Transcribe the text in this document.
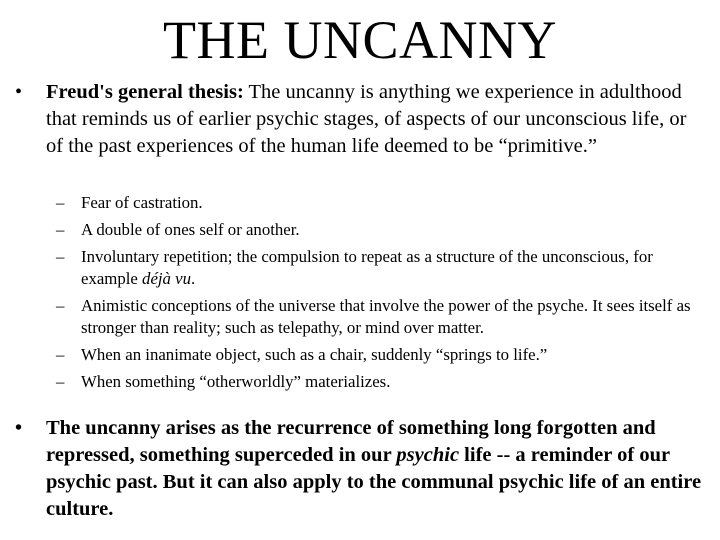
THE UNCANNY
• Freud's general thesis: The uncanny is anything we experience in adulthood that reminds us of earlier psychic stages, of aspects of our unconscious life, or of the past experiences of the human life deemed to be “primitive.”
– Fear of castration.
– A double of ones self or another.
– Involuntary repetition; the compulsion to repeat as a structure of the unconscious, for example déjà vu.
– Animistic conceptions of the universe that involve the power of the psyche. It sees itself as stronger than reality; such as telepathy, or mind over matter.
– When an inanimate object, such as a chair, suddenly “springs to life.”
– When something “otherworldly” materializes.
• The uncanny arises as the recurrence of something long forgotten and repressed, something superceded in our psychic life -- a reminder of our psychic past. But it can also apply to the communal psychic life of an entire culture.
